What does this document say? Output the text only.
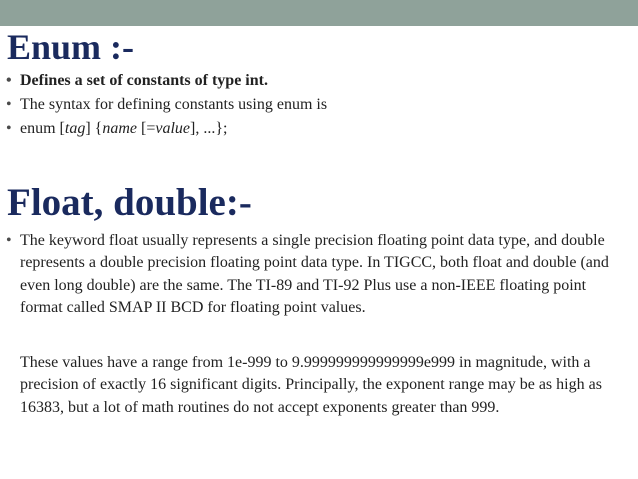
Enum :-
• Defines a set of constants of type int.
• The syntax for defining constants using enum is
• enum [tag] {name [=value], ...};
Float, double:-
• The keyword float usually represents a single precision floating point data type, and double represents a double precision floating point data type. In TIGCC, both float and double (and even long double) are the same. The TI-89 and TI-92 Plus use a non-IEEE floating point format called SMAP II BCD for floating point values.
These values have a range from 1e-999 to 9.999999999999999e999 in magnitude, with a precision of exactly 16 significant digits. Principally, the exponent range may be as high as 16383, but a lot of math routines do not accept exponents greater than 999.
